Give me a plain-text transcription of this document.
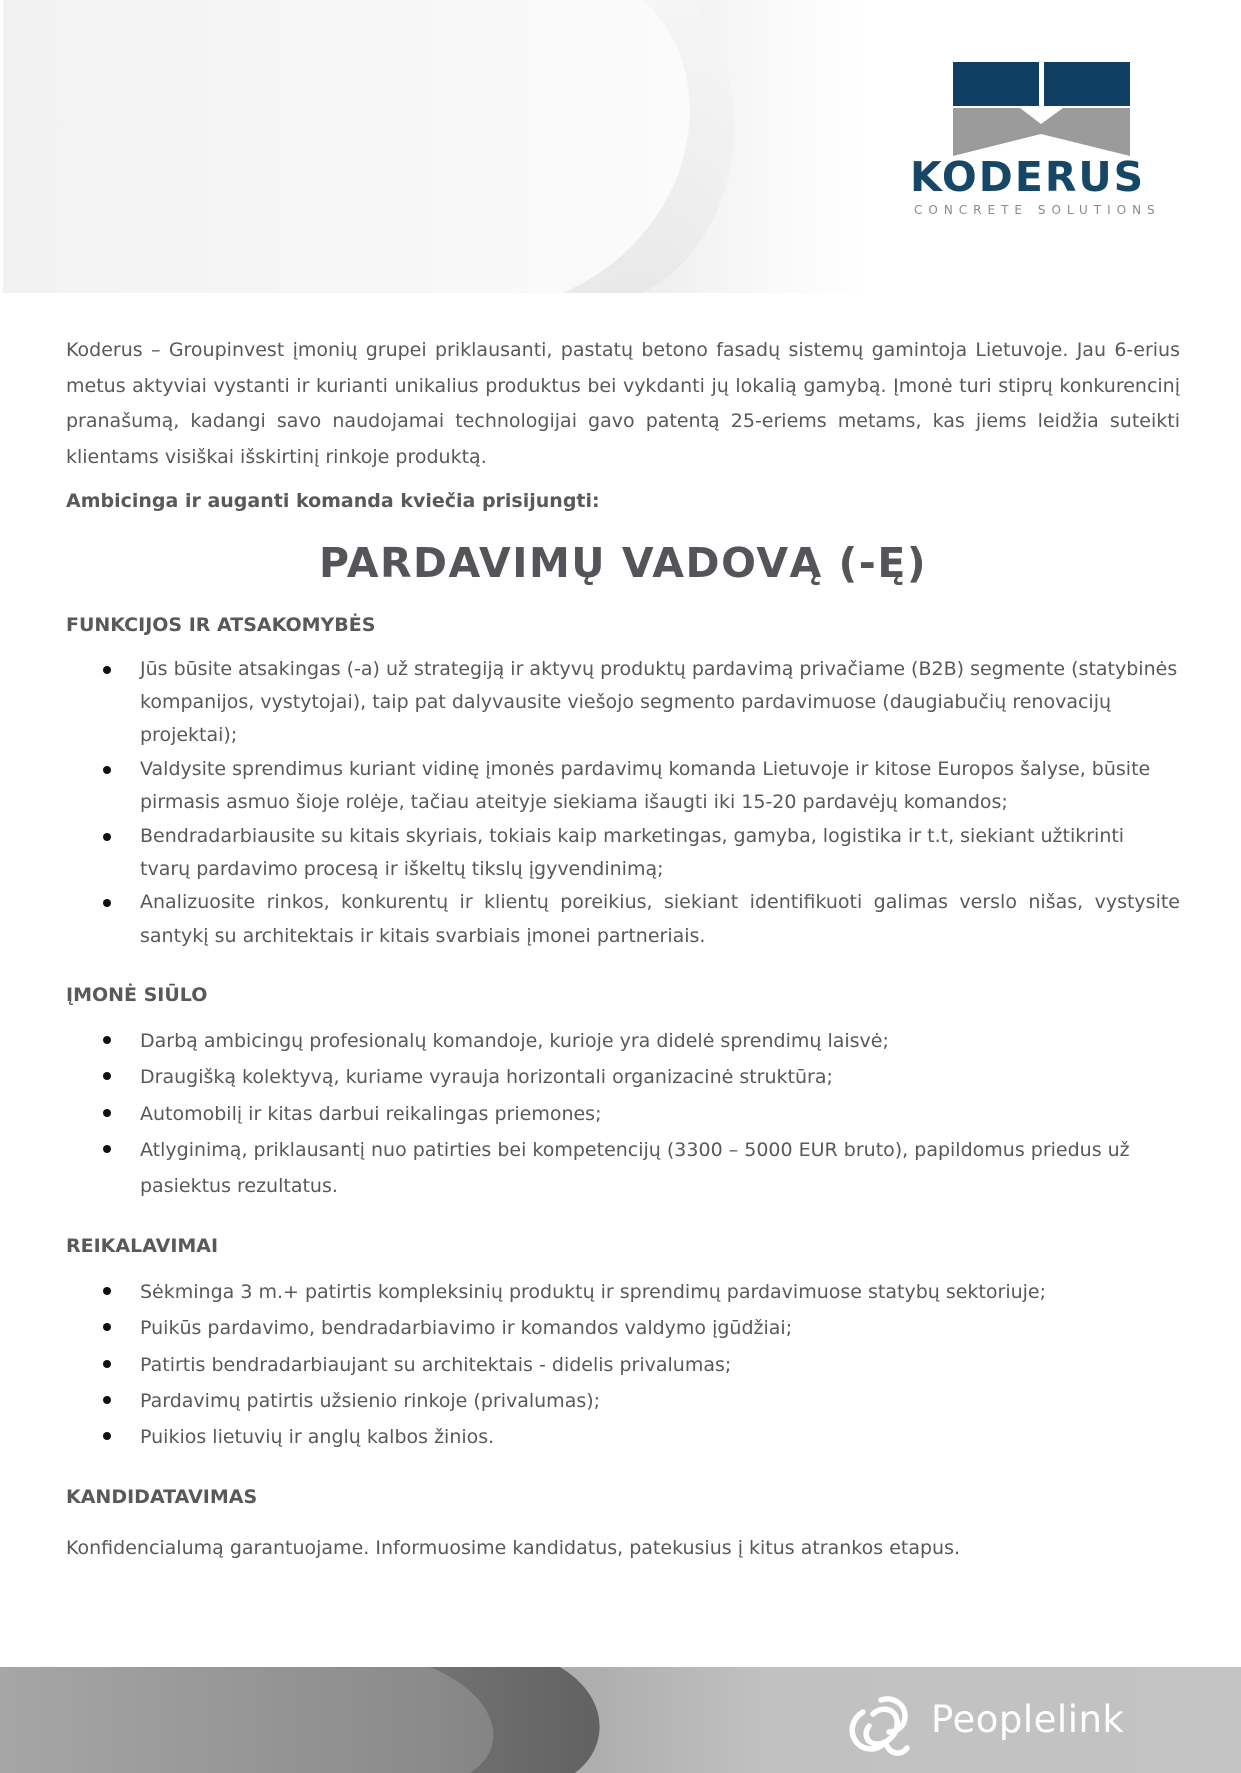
KODERUS
CONCRETE SOLUTIONS

Koderus – Groupinvest įmonių grupei priklausanti, pastatų betono fasadų sistemų gamintoja Lietuvoje. Jau 6-erius metus aktyviai vystanti ir kurianti unikalius produktus bei vykdanti jų lokalią gamybą. Įmonė turi stiprų konkurencinį pranašumą, kadangi savo naudojamai technologijai gavo patentą 25-eriems metams, kas jiems leidžia suteikti klientams visiškai išskirtinį rinkoje produktą.

Ambicinga ir auganti komanda kviečia prisijungti:

PARDAVIMŲ VADOVĄ (-Ę)
FUNKCIJOS IR ATSAKOMYBĖS
Jūs būsite atsakingas (-a) už strategiją ir aktyvų produktų pardavimą privačiame (B2B) segmente (statybinės kompanijos, vystytojai), taip pat dalyvausite viešojo segmento pardavimuose (daugiabučių renovacijų projektai);
Valdysite sprendimus kuriant vidinę įmonės pardavimų komanda Lietuvoje ir kitose Europos šalyse, būsite pirmasis asmuo šioje rolėje, tačiau ateityje siekiama išaugti iki 15-20 pardavėjų komandos;
Bendradarbiausite su kitais skyriais, tokiais kaip marketingas, gamyba, logistika ir t.t, siekiant užtikrinti tvarų pardavimo procesą ir iškeltų tikslų įgyvendinimą;
Analizuosite rinkos, konkurentų ir klientų poreikius, siekiant identifikuoti galimas verslo nišas, vystysite santykį su architektais ir kitais svarbiais įmonei partneriais.
ĮMONĖ SIŪLO
Darbą ambicingų profesionalų komandoje, kurioje yra didelė sprendimų laisvė;
Draugišką kolektyvą, kuriame vyrauja horizontali organizacinė struktūra;
Automobilį ir kitas darbui reikalingas priemones;
Atlyginimą, priklausantį nuo patirties bei kompetencijų (3300 – 5000 EUR bruto), papildomus priedus už pasiektus rezultatus.
REIKALAVIMAI
Sėkminga 3 m.+ patirtis kompleksinių produktų ir sprendimų pardavimuose statybų sektoriuje;
Puikūs pardavimo, bendradarbiavimo ir komandos valdymo įgūdžiai;
Patirtis bendradarbiaujant su architektais - didelis privalumas;
Pardavimų patirtis užsienio rinkoje (privalumas);
Puikios lietuvių ir anglų kalbos žinios.
KANDIDATAVIMAS

Konfidencialumą garantuojame. Informuosime kandidatus, patekusius į kitus atrankos etapus.

Peoplelink
